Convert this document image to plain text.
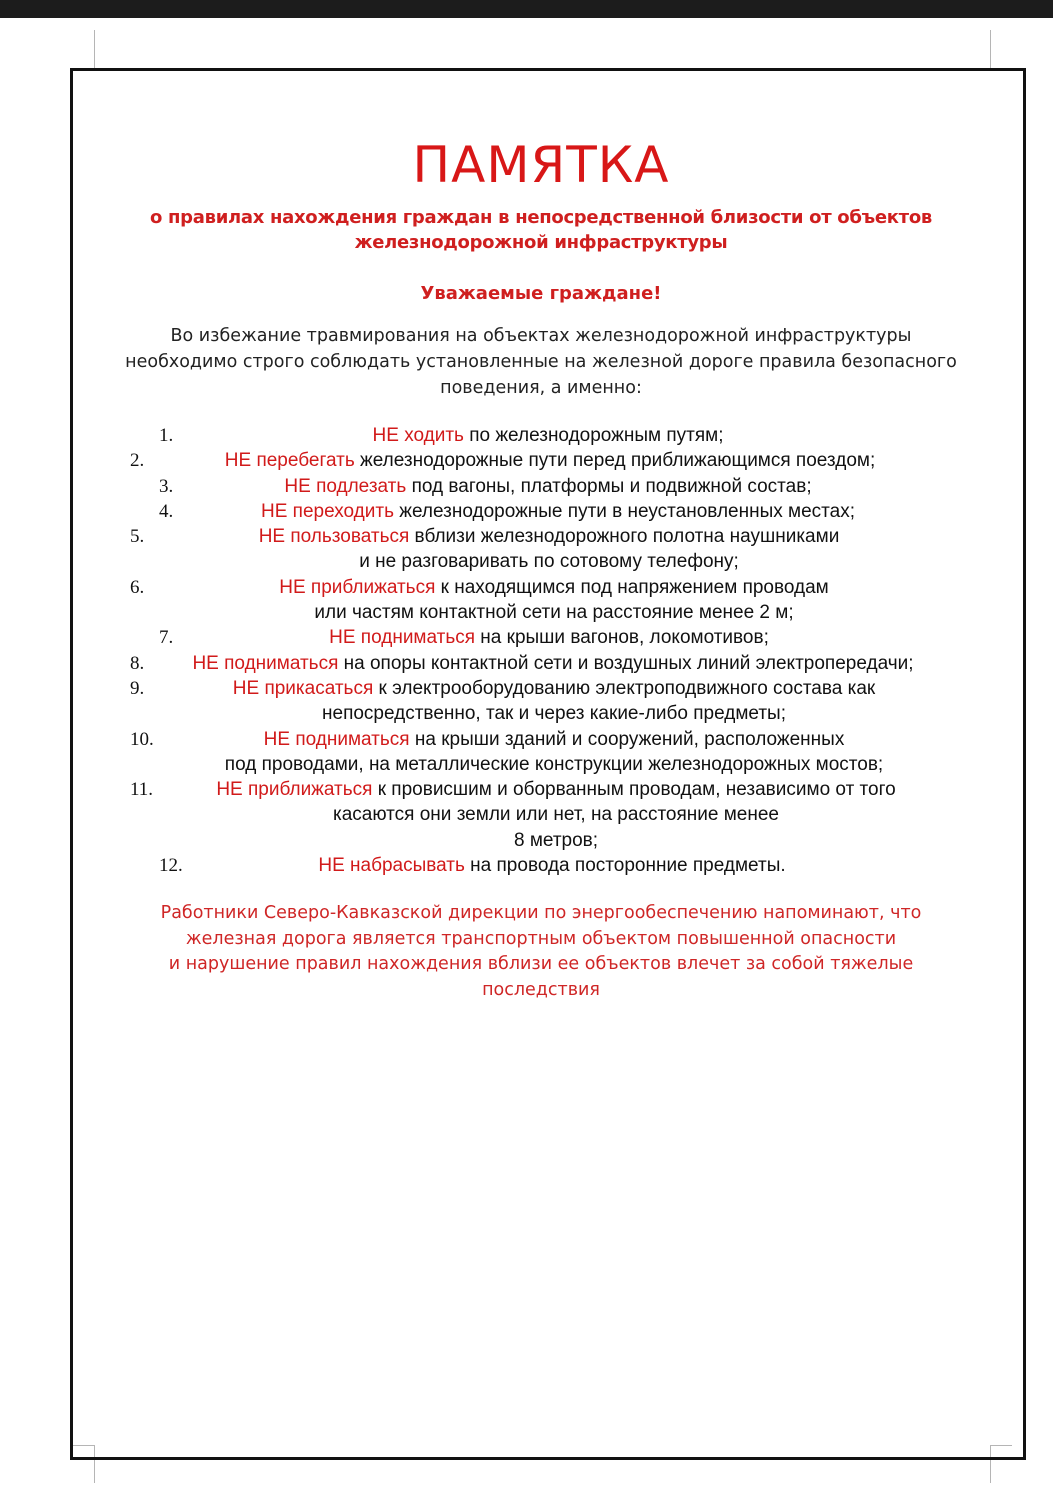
ПАМЯТКА
о правилах нахождения граждан в непосредственной близости от объектов
железнодорожной инфраструктуры
Уважаемые граждане!
Во избежание травмирования на объектах железнодорожной инфраструктуры
необходимо строго соблюдать установленные на железной дороге правила безопасного
поведения, а именно:
1.	НЕ ходить по железнодорожным путям;
2.	НЕ перебегать железнодорожные пути перед приближающимся поездом;
3.	НЕ подлезать под вагоны, платформы и подвижной состав;
4.	НЕ переходить железнодорожные пути в неустановленных местах;
5.	НЕ пользоваться вблизи железнодорожного полотна наушниками
и не разговаривать по сотовому телефону;
6.	НЕ приближаться к находящимся под напряжением проводам
или частям контактной сети на расстояние менее 2 м;
7.	НЕ подниматься на крыши вагонов, локомотивов;
8.	НЕ подниматься на опоры контактной сети и воздушных линий электропередачи;
9.	НЕ прикасаться к электрооборудованию электроподвижного состава как
непосредственно, так и через какие-либо предметы;
10.	НЕ подниматься на крыши зданий и сооружений, расположенных
под проводами, на металлические конструкции железнодорожных мостов;
11.	НЕ приближаться к провисшим и оборванным проводам, независимо от того
касаются они земли или нет, на расстояние менее
8 метров;
12.	НЕ набрасывать на провода посторонние предметы.
Работники Северо-Кавказской дирекции по энергообеспечению напоминают, что
железная дорога является транспортным объектом повышенной опасности
и нарушение правил нахождения вблизи ее объектов влечет за собой тяжелые
последствия
